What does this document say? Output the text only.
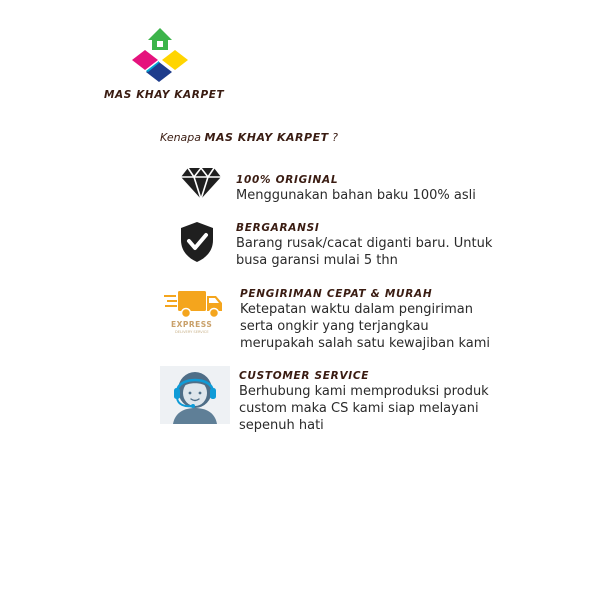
MAS KHAY KARPET
Kenapa MAS KHAY KARPET ?
100% ORIGINAL
Menggunakan bahan baku 100% asli
BERGARANSI
Barang rusak/cacat diganti baru. Untuk
busa garansi mulai 5 thn
EXPRESS
DELIVERY SERVICE
PENGIRIMAN CEPAT & MURAH
Ketepatan waktu dalam pengiriman
serta ongkir yang terjangkau
merupakah salah satu kewajiban kami
CUSTOMER SERVICE
Berhubung kami memproduksi produk
custom maka CS kami siap melayani
sepenuh hati
